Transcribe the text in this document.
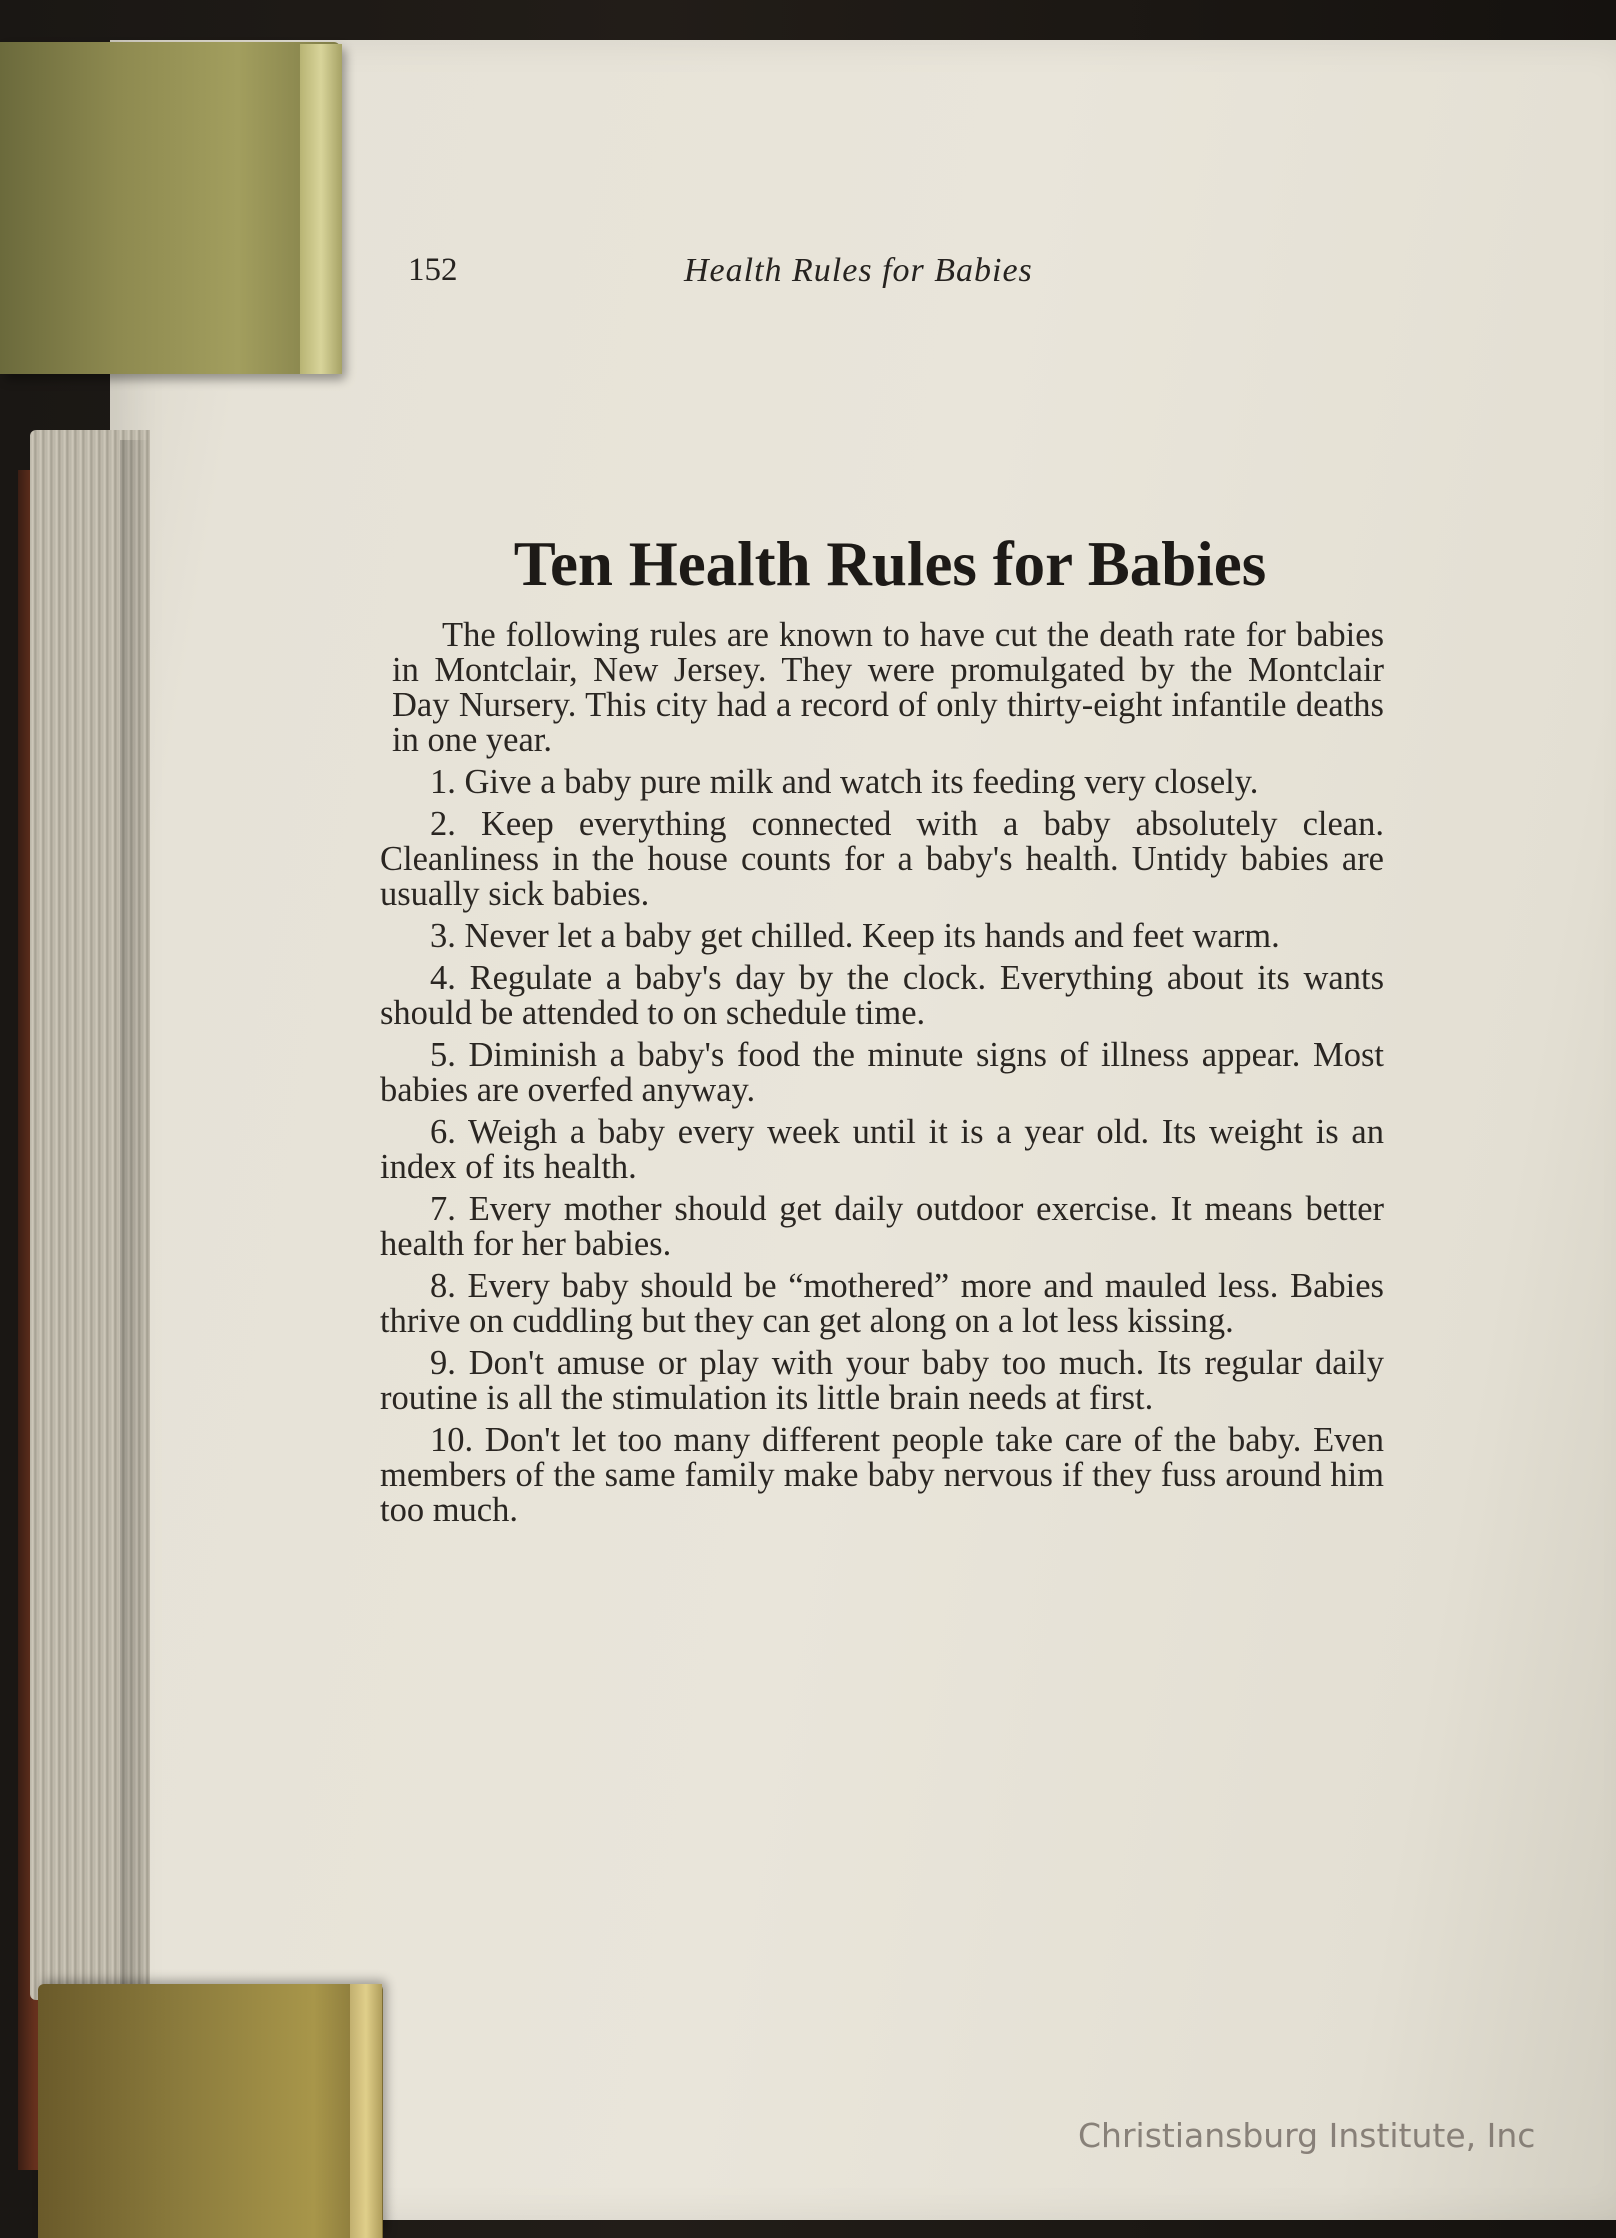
152	Health Rules for Babies
Ten Health Rules for Babies

The following rules are known to have cut the death rate for babies in Montclair, New Jersey. They were promulgated by the Montclair Day Nursery. This city had a record of only thirty-eight infantile deaths in one year.

1. Give a baby pure milk and watch its feeding very closely.

2. Keep everything connected with a baby absolutely clean. Cleanliness in the house counts for a baby's health. Untidy babies are usually sick babies.

3. Never let a baby get chilled. Keep its hands and feet warm.

4. Regulate a baby's day by the clock. Everything about its wants should be attended to on schedule time.

5. Diminish a baby's food the minute signs of illness appear. Most babies are overfed anyway.

6. Weigh a baby every week until it is a year old. Its weight is an index of its health.

7. Every mother should get daily outdoor exercise. It means better health for her babies.

8. Every baby should be “mothered” more and mauled less. Babies thrive on cuddling but they can get along on a lot less kissing.

9. Don't amuse or play with your baby too much. Its regular daily routine is all the stimulation its little brain needs at first.

10. Don't let too many different people take care of the baby. Even members of the same family make baby nervous if they fuss around him too much.

Christiansburg Institute, Inc
